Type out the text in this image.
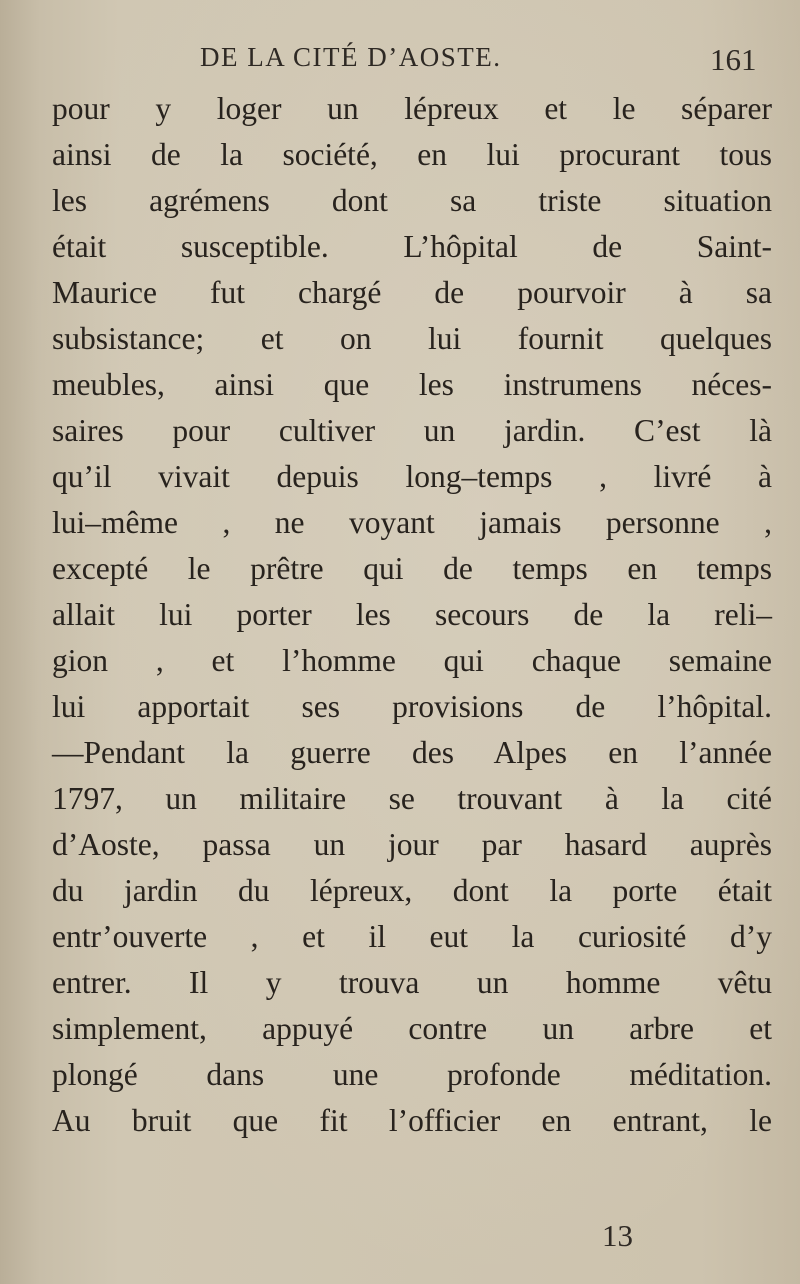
DE LA CITÉ D’AOSTE.	161
pour y loger un lépreux et le séparer
ainsi de la société, en lui procurant tous
les agrémens dont sa triste situation
était susceptible. L’hôpital de Saint-
Maurice fut chargé de pourvoir à sa
subsistance; et on lui fournit quelques
meubles, ainsi que les instrumens néces-
saires pour cultiver un jardin. C’est là
qu’il vivait depuis long–temps , livré à
lui–même , ne voyant jamais personne ,
excepté le prêtre qui de temps en temps
allait lui porter les secours de la reli–
gion , et l’homme qui chaque semaine
lui apportait ses provisions de l’hôpital.
—Pendant la guerre des Alpes en l’année
1797, un militaire se trouvant à la cité
d’Aoste, passa un jour par hasard auprès
du jardin du lépreux, dont la porte était
entr’ouverte , et il eut la curiosité d’y
entrer. Il y trouva un homme vêtu
simplement, appuyé contre un arbre et
plongé dans une profonde méditation.
Au bruit que fit l’officier en entrant, le
13
